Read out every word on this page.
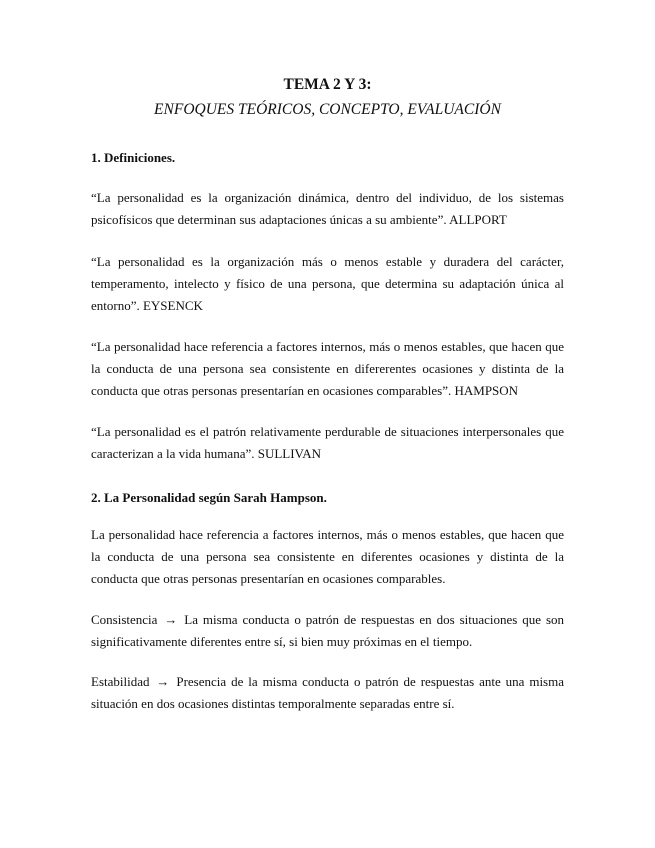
TEMA 2 Y 3:
ENFOQUES TEÓRICOS, CONCEPTO, EVALUACIÓN
1. Definiciones.

“La personalidad es la organización dinámica, dentro del individuo, de los sistemas psicofísicos que determinan sus adaptaciones únicas a su ambiente”. ALLPORT

“La personalidad es la organización más o menos estable y duradera del carácter, temperamento, intelecto y físico de una persona, que determina su adaptación única al entorno”. EYSENCK

“La personalidad hace referencia a factores internos, más o menos estables, que hacen que la conducta de una persona sea consistente en difererentes ocasiones y distinta de la conducta que otras personas presentarían en ocasiones comparables”. HAMPSON

“La personalidad es el patrón relativamente perdurable de situaciones interpersonales que caracterizan a la vida humana”. SULLIVAN

2. La Personalidad según Sarah Hampson.

La personalidad hace referencia a factores internos, más o menos estables, que hacen que la conducta de una persona sea consistente en diferentes ocasiones y distinta de la conducta que otras personas presentarían en ocasiones comparables.

Consistencia → La misma conducta o patrón de respuestas en dos situaciones que son significativamente diferentes entre sí, si bien muy próximas en el tiempo.

Estabilidad → Presencia de la misma conducta o patrón de respuestas ante una misma situación en dos ocasiones distintas temporalmente separadas entre sí.
